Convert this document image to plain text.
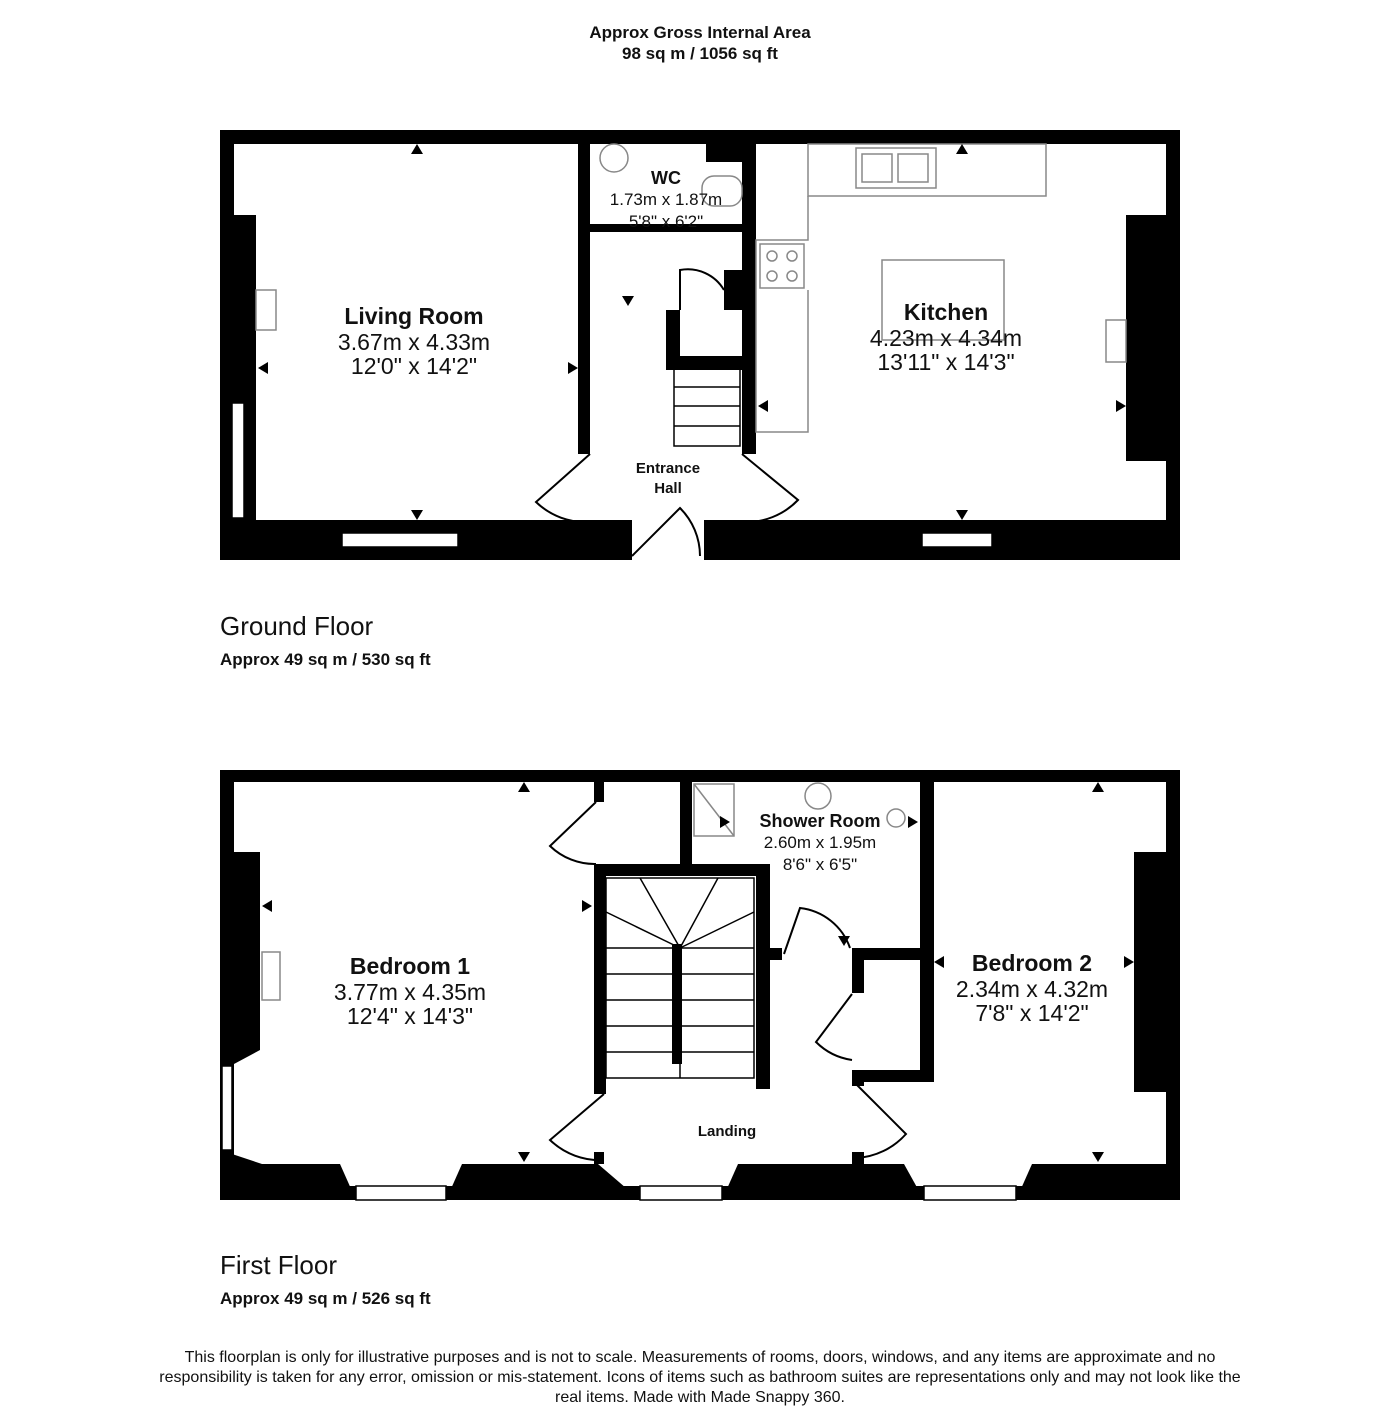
Approx Gross Internal Area
98 sq m / 1056 sq ft
Living Room
3.67m x 4.33m
12'0" x 14'2"
WC
1.73m x 1.87m
5'8" x 6'2"
Kitchen
4.23m x 4.34m
13'11" x 14'3"
Entrance
Hall
Ground Floor
Approx 49 sq m / 530 sq ft
Bedroom 1
3.77m x 4.35m
12'4" x 14'3"
Shower Room
2.60m x 1.95m
8'6" x 6'5"
Bedroom 2
2.34m x 4.32m
7'8" x 14'2"
Landing
First Floor
Approx 49 sq m / 526 sq ft
This floorplan is only for illustrative purposes and is not to scale. Measurements of rooms, doors, windows, and any items are approximate and no responsibility is taken for any error, omission or mis-statement. Icons of items such as bathroom suites are representations only and may not look like the real items. Made with Made Snappy 360.
